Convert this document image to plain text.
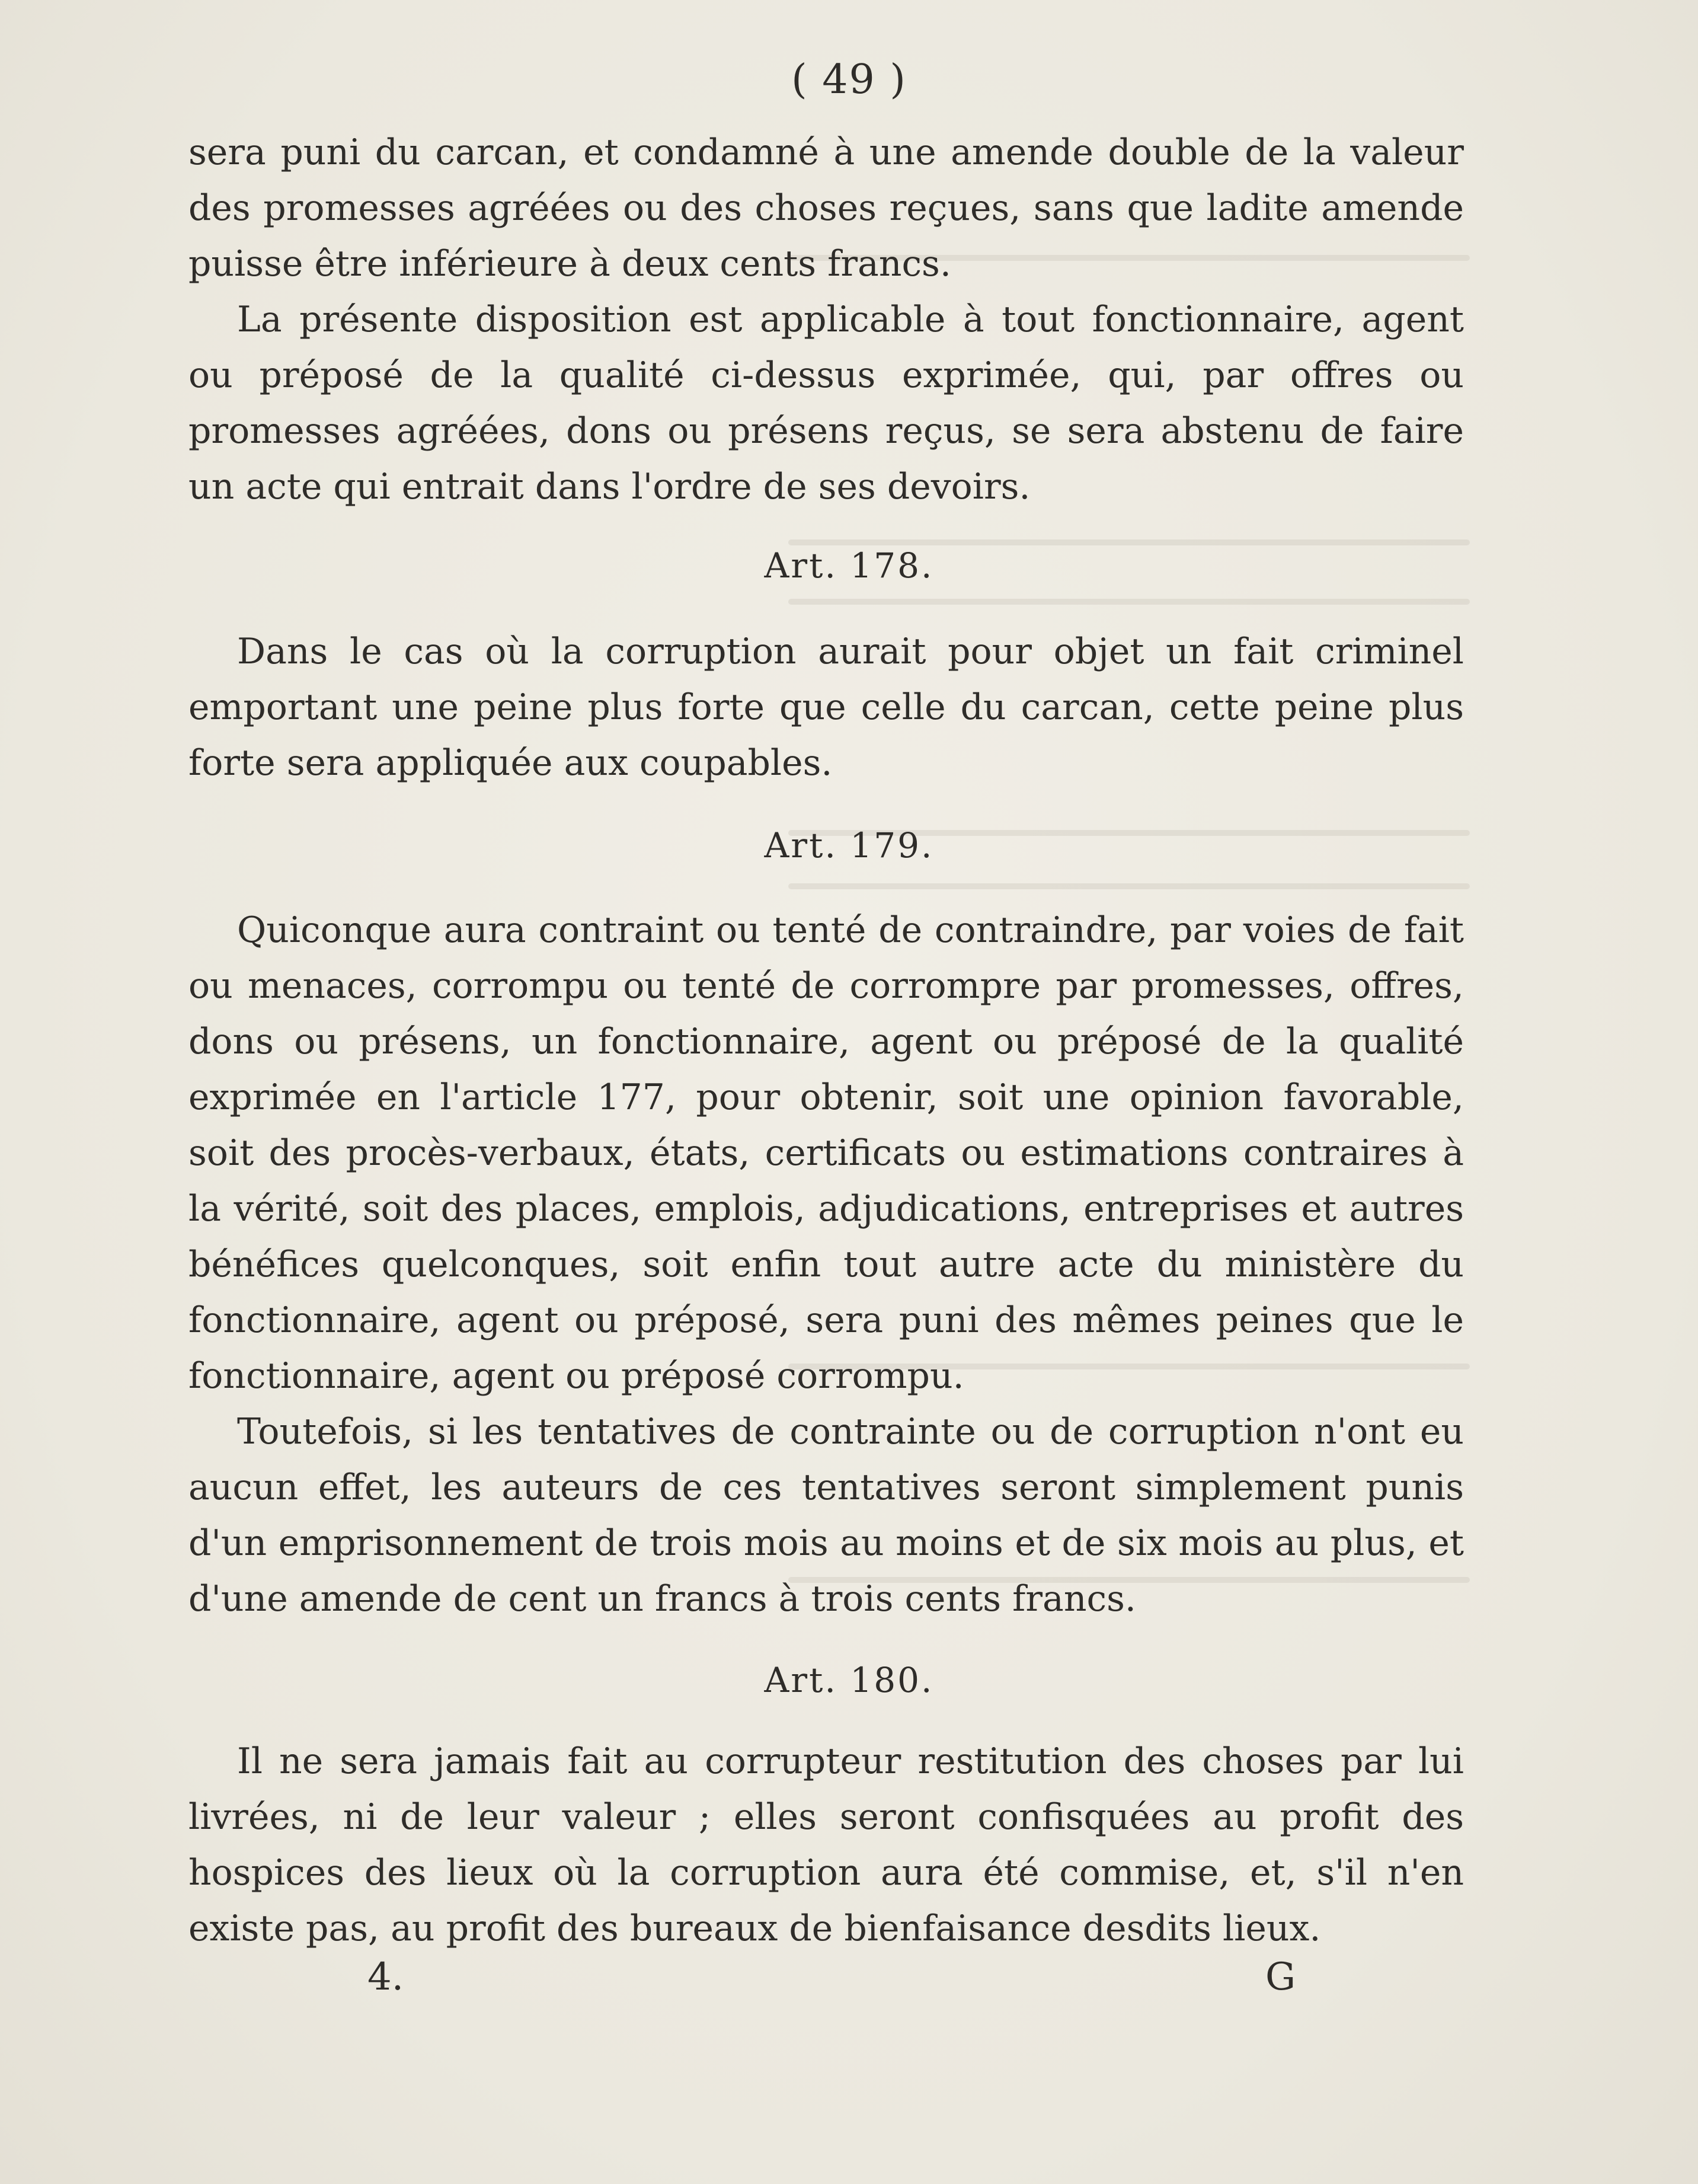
( 49 )

sera puni du carcan, et condamné à une amende double de la valeur des promesses agréées ou des choses reçues, sans que ladite amende puisse être inférieure à deux cents francs.

La présente disposition est applicable à tout fonctionnaire, agent ou préposé de la qualité ci-dessus exprimée, qui, par offres ou promesses agréées, dons ou présens reçus, se sera abstenu de faire un acte qui entrait dans l'ordre de ses devoirs.

Art. 178.

Dans le cas où la corruption aurait pour objet un fait criminel emportant une peine plus forte que celle du carcan, cette peine plus forte sera appliquée aux coupables.

Art. 179.

Quiconque aura contraint ou tenté de contraindre, par voies de fait ou menaces, corrompu ou tenté de corrompre par promesses, offres, dons ou présens, un fonctionnaire, agent ou préposé de la qualité exprimée en l'article 177, pour obtenir, soit une opinion favorable, soit des procès-verbaux, états, certificats ou estimations contraires à la vérité, soit des places, emplois, adjudications, entreprises et autres bénéfices quelconques, soit enfin tout autre acte du ministère du fonctionnaire, agent ou préposé, sera puni des mêmes peines que le fonctionnaire, agent ou préposé corrompu.

Toutefois, si les tentatives de contrainte ou de corruption n'ont eu aucun effet, les auteurs de ces tentatives seront simplement punis d'un emprisonnement de trois mois au moins et de six mois au plus, et d'une amende de cent un francs à trois cents francs.

Art. 180.

Il ne sera jamais fait au corrupteur restitution des choses par lui livrées, ni de leur valeur ; elles seront confisquées au profit des hospices des lieux où la corruption aura été commise, et, s'il n'en existe pas, au profit des bureaux de bienfaisance desdits lieux.

4.	G
